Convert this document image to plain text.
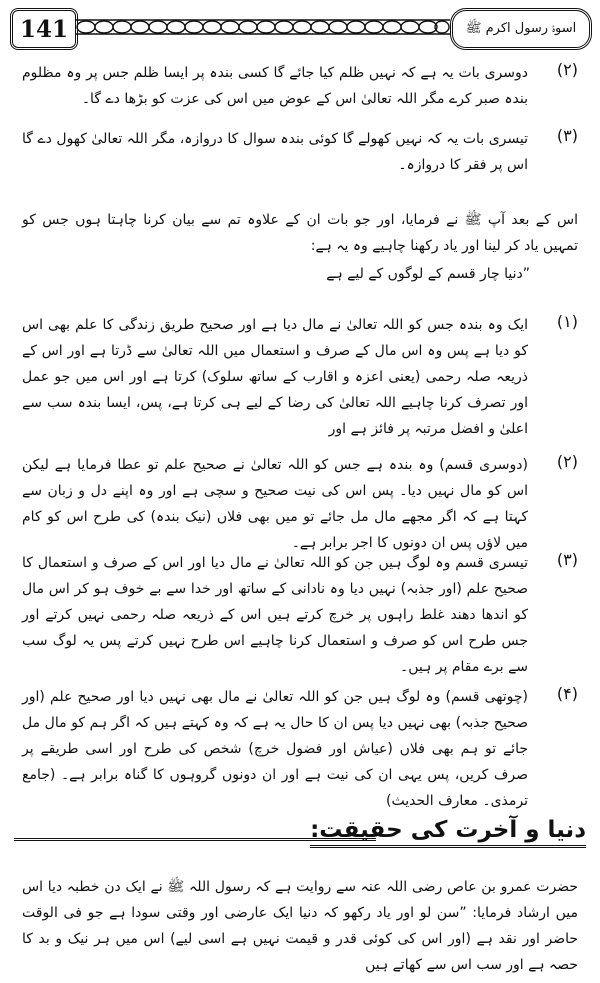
141	اسوۂ رسول اکرم ﷺ
(۲)
دوسری بات یہ ہے کہ نہیں ظلم کیا جائے گا کسی بندہ پر ایسا ظلم جس پر وہ مظلوم بندہ صبر کرے مگر اللہ تعالیٰ اس کے عوض میں اس کی عزت کو بڑھا دے گا۔
(۳)
تیسری بات یہ کہ نہیں کھولے گا کوئی بندہ سوال کا دروازہ، مگر اللہ تعالیٰ کھول دے گا اس پر فقر کا دروازہ۔
اس کے بعد آپ ﷺ نے فرمایا، اور جو بات ان کے علاوہ تم سے بیان کرنا چاہتا ہوں جس کو تمہیں یاد کر لینا اور یاد رکھنا چاہیے وہ یہ ہے:
”دنیا چار قسم کے لوگوں کے لیے ہے
(۱)
ایک وہ بندہ جس کو اللہ تعالیٰ نے مال دیا ہے اور صحیح طریق زندگی کا علم بھی اس کو دیا ہے پس وہ اس مال کے صرف و استعمال میں اللہ تعالیٰ سے ڈرتا ہے اور اس کے ذریعہ صلہ رحمی (یعنی اعزہ و اقارب کے ساتھ سلوک) کرتا ہے اور اس میں جو عمل اور تصرف کرنا چاہیے اللہ تعالیٰ کی رضا کے لیے ہی کرتا ہے، پس، ایسا بندہ سب سے اعلیٰ و افضل مرتبہ پر فائز ہے اور
(۲)
(دوسری قسم) وہ بندہ ہے جس کو اللہ تعالیٰ نے صحیح علم تو عطا فرمایا ہے لیکن اس کو مال نہیں دیا۔ پس اس کی نیت صحیح و سچی ہے اور وہ اپنے دل و زبان سے کہتا ہے کہ اگر مجھے مال مل جائے تو میں بھی فلاں (نیک بندہ) کی طرح اس کو کام میں لاؤں پس ان دونوں کا اجر برابر ہے۔
(۳)
تیسری قسم وہ لوگ ہیں جن کو اللہ تعالیٰ نے مال دیا اور اس کے صرف و استعمال کا صحیح علم (اور جذبہ) نہیں دیا وہ نادانی کے ساتھ اور خدا سے بے خوف ہو کر اس مال کو اندھا دھند غلط راہوں پر خرچ کرتے ہیں اس کے ذریعہ صلہ رحمی نہیں کرتے اور جس طرح اس کو صرف و استعمال کرنا چاہیے اس طرح نہیں کرتے پس یہ لوگ سب سے برے مقام پر ہیں۔
(۴)
(چوتھی قسم) وہ لوگ ہیں جن کو اللہ تعالیٰ نے مال بھی نہیں دیا اور صحیح علم (اور صحیح جذبہ) بھی نہیں دیا پس ان کا حال یہ ہے کہ وہ کہتے ہیں کہ اگر ہم کو مال مل جائے تو ہم بھی فلاں (عیاش اور فضول خرچ) شخص کی طرح اور اسی طریقے پر صرف کریں، پس یہی ان کی نیت ہے اور ان دونوں گروہوں کا گناہ برابر ہے۔ (جامع ترمذی۔ معارف الحدیث)
دنیا و آخرت کی حقیقت:
حضرت عمرو بن عاص رضی اللہ عنہ سے روایت ہے کہ رسول اللہ ﷺ نے ایک دن خطبہ دیا اس میں ارشاد فرمایا: ”سن لو اور یاد رکھو کہ دنیا ایک عارضی اور وقتی سودا ہے جو فی الوقت حاضر اور نقد ہے (اور اس کی کوئی قدر و قیمت نہیں ہے اسی لیے) اس میں ہر نیک و بد کا حصہ ہے اور سب اس سے کھاتے ہیں
